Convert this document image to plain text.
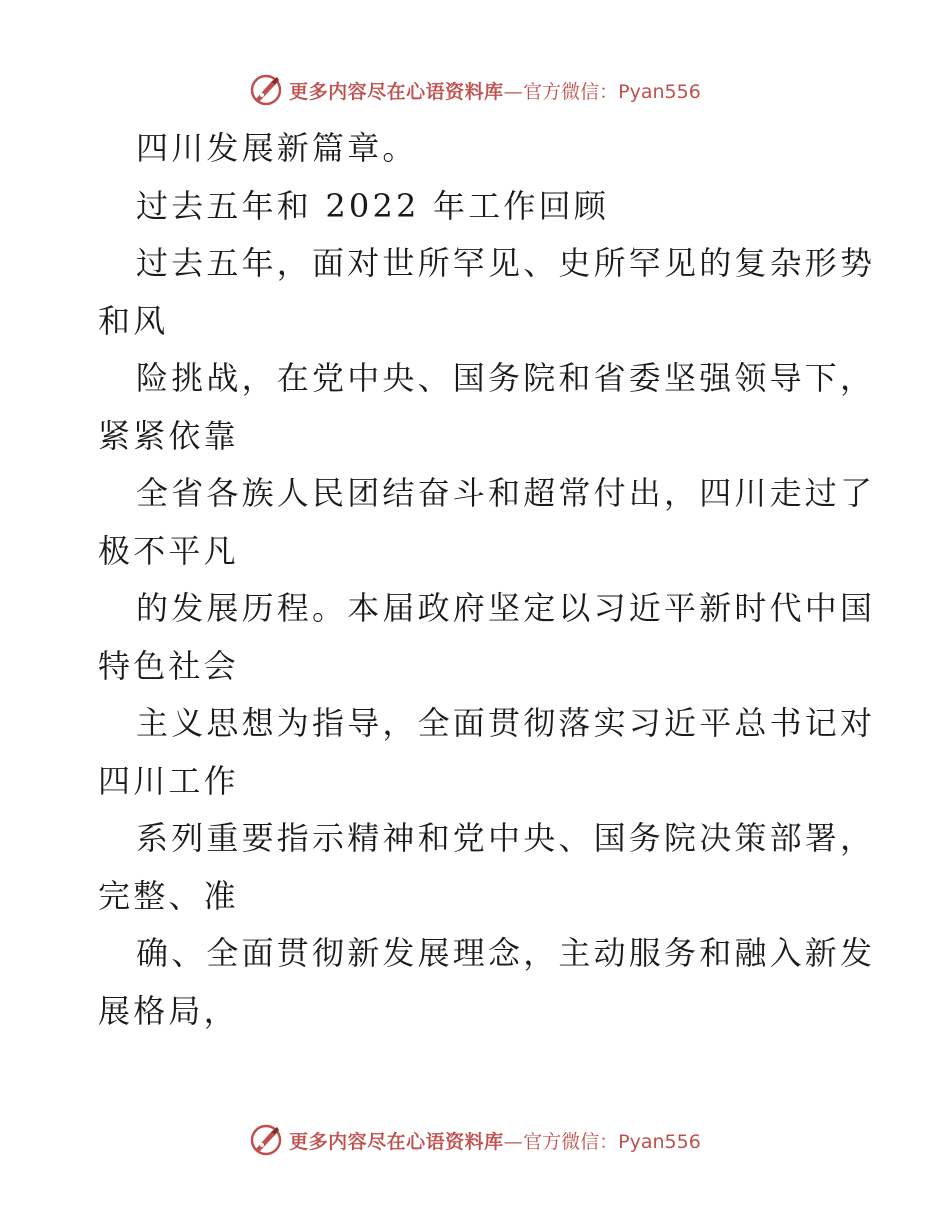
更多内容尽在心语资料库— 官方微信：Pyan556
四川发展新篇章。
过去五年和 2022 年工作回顾
过去五年，面对世所罕见、史所罕见的复杂形势
和风
险挑战，在党中央、国务院和省委坚强领导下，
紧紧依靠
全省各族人民团结奋斗和超常付出，四川走过了
极不平凡
的发展历程。本届政府坚定以习近平新时代中国
特色社会
主义思想为指导，全面贯彻落实习近平总书记对
四川工作
系列重要指示精神和党中央、国务院决策部署，
完整、准
确、全面贯彻新发展理念，主动服务和融入新发
展格局，
更多内容尽在心语资料库— 官方微信：Pyan556
